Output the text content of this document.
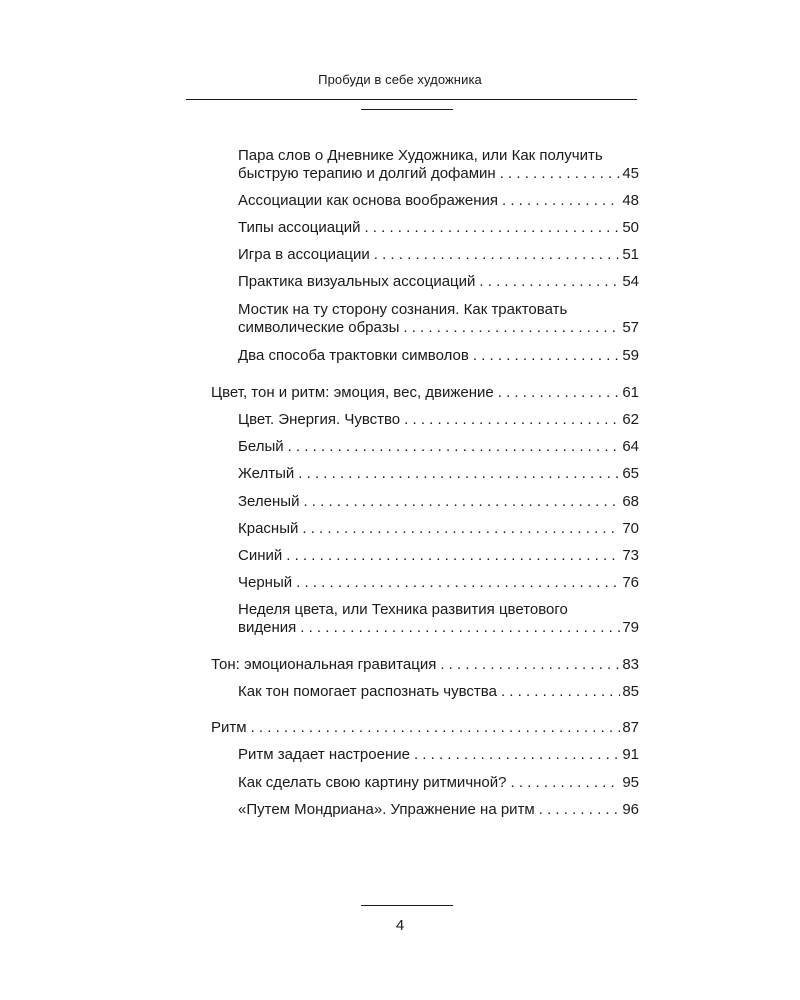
Пробуди в себе художника
Пара слов о Дневнике Художника, или Как получить
быструю терапию и долгий дофамин . . .	45
Ассоциации как основа воображения . . .	48
Типы ассоциаций . . .	50
Игра в ассоциации . . .	51
Практика визуальных ассоциаций . . .	54
Мостик на ту сторону сознания. Как трактовать
символические образы . . .	57
Два способа трактовки символов . . .	59
Цвет, тон и ритм: эмоция, вес, движение . . .	61
Цвет. Энергия. Чувство . . .	62
Белый . . .	64
Желтый . . .	65
Зеленый . . .	68
Красный . . .	70
Синий . . .	73
Черный . . .	76
Неделя цвета, или Техника развития цветового
видения . . .	79
Тон: эмоциональная гравитация . . .	83
Как тон помогает распознать чувства . . .	85
Ритм . . .	87
Ритм задает настроение . . .	91
Как сделать свою картину ритмичной? . . .	95
«Путем Мондриана». Упражнение на ритм . . .	96
4
